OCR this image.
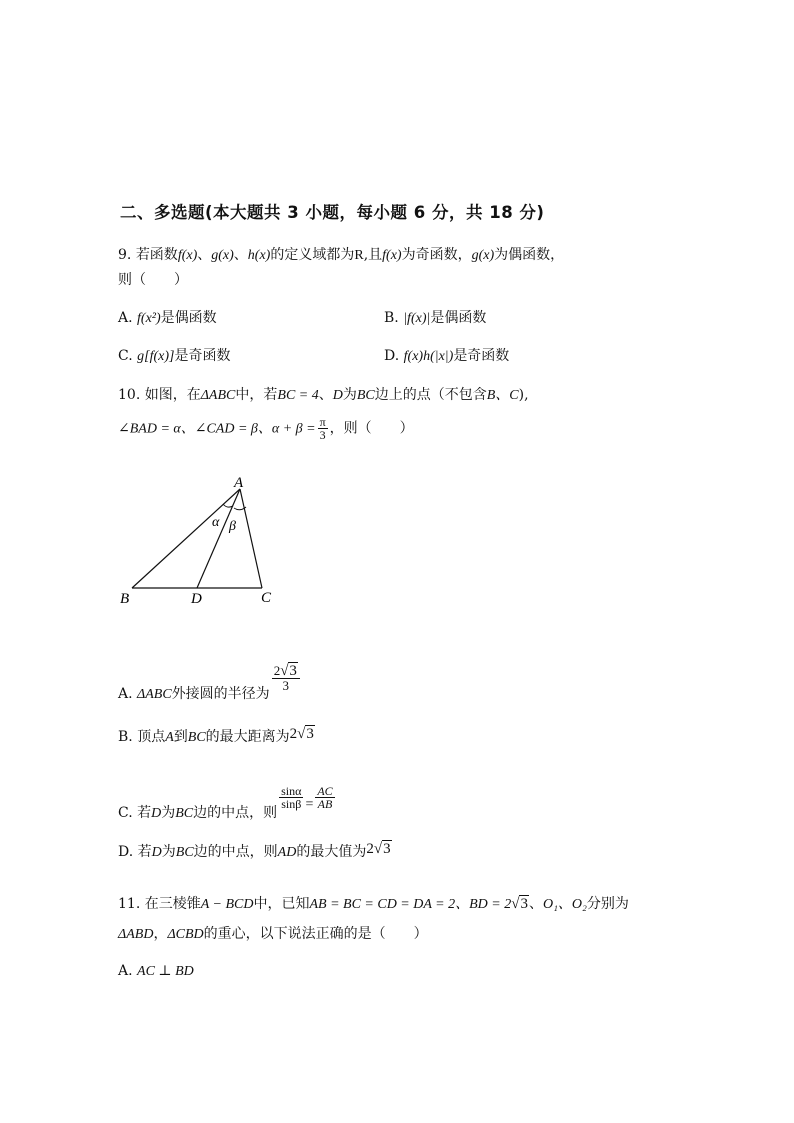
二、多选题(本大题共 3 小题，每小题 6 分，共 18 分)
9. 若函数f(x)、g(x)、h(x)的定义域都为R,且f(x)为奇函数，g(x)为偶函数，
则（　　）
A. f(x²)是偶函数	B. |f(x)|是偶函数
C. g[f(x)]是奇函数	D. f(x)h(|x|)是奇函数
10. 如图，在ΔABC中，若BC = 4、D为BC边上的点（不包含B、C),
∠BAD = α、∠CAD = β、$\alpha + \beta = \frac{\pi}{3}$ ，则（　　）
A
B	C
D
α β
A. ΔABC外接圆的半径为
$\frac{2√3}{3}$
B. 顶点A到BC的最大距离为2√3
C. 若D为BC边的中点，则
$\frac{\sin\alpha}{\sin\beta} = \frac{AC}{AB}$
D. 若D为BC边的中点，则AD的最大值为2√3
11. 在三棱锥A − BCD中，已知AB = BC = CD = DA = 2、BD = 2√3、O₁、O₂分别为
ΔABD，ΔCBD的重心，以下说法正确的是（　　）
A. AC ⊥ BD
